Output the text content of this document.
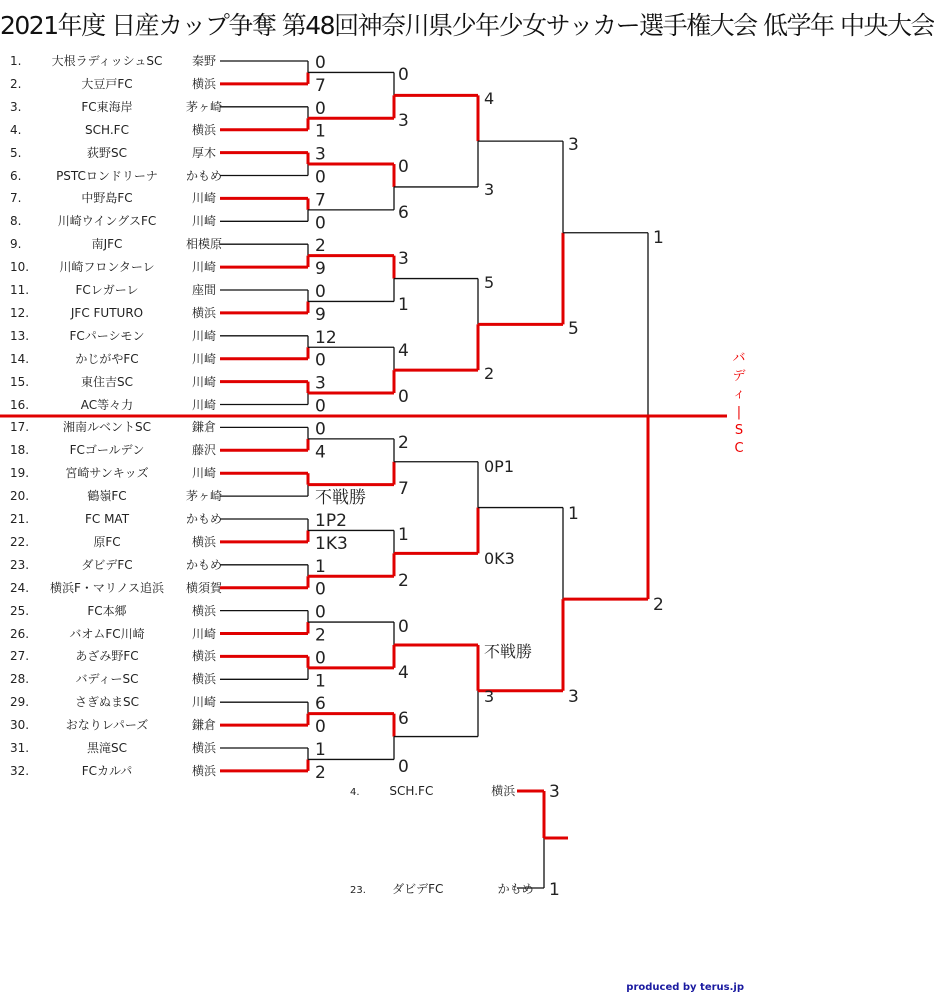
2021年度 日産カップ争奪 第48回神奈川県少年少女サッカー選手権大会 低学年 中央大会
1.	大根ラディッシュSC	秦野
2.	大豆戸FC	横浜
3.	FC東海岸	茅ヶ崎
4.	SCH.FC	横浜
5.	荻野SC	厚木
6.	PSTCロンドリーナ	かもめ
7.	中野島FC	川崎
8.	川崎ウイングスFC	川崎
9.	南JFC	相模原
10.	川崎フロンターレ	川崎
11.	FCレガーレ	座間
12.	JFC FUTURO	横浜
13.	FCパーシモン	川崎
14.	かじがやFC	川崎
15.	東住吉SC	川崎
16.	AC等々力	川崎
17.	湘南ルベントSC	鎌倉
18.	FCゴールデン	藤沢
19.	宮崎サンキッズ	川崎
20.	鶴嶺FC	茅ヶ崎
21.	FC MAT	かもめ
22.	原FC	横浜
23.	ダビデFC	かもめ
24.	横浜F・マリノス追浜	横須賀
25.	FC本郷	横浜
26.	バオムFC川崎	川崎
27.	あざみ野FC	横浜
28.	バディーSC	横浜
29.	さぎぬまSC	川崎
30.	おなりレパーズ	鎌倉
31.	黒滝SC	横浜
32.	FCカルパ	横浜
0
7
0
1
3
0
7
0
2
9
0
9
12
0
3
0
0
4
不戦勝
1P2
1K3
1
0
0
2
0
1
6
0
1
2
0
3
0
6
3
1
4
0
2
7
1
2
0
4
6
0
4
3
5
2
0P1
0K3
不戦勝
3
3
5
1
3
1
2
3
1
バ
デ
ィ
|
S
C
4. SCH.FC	横浜
23. ダビデFC	かもめ
produced by terus.jp
